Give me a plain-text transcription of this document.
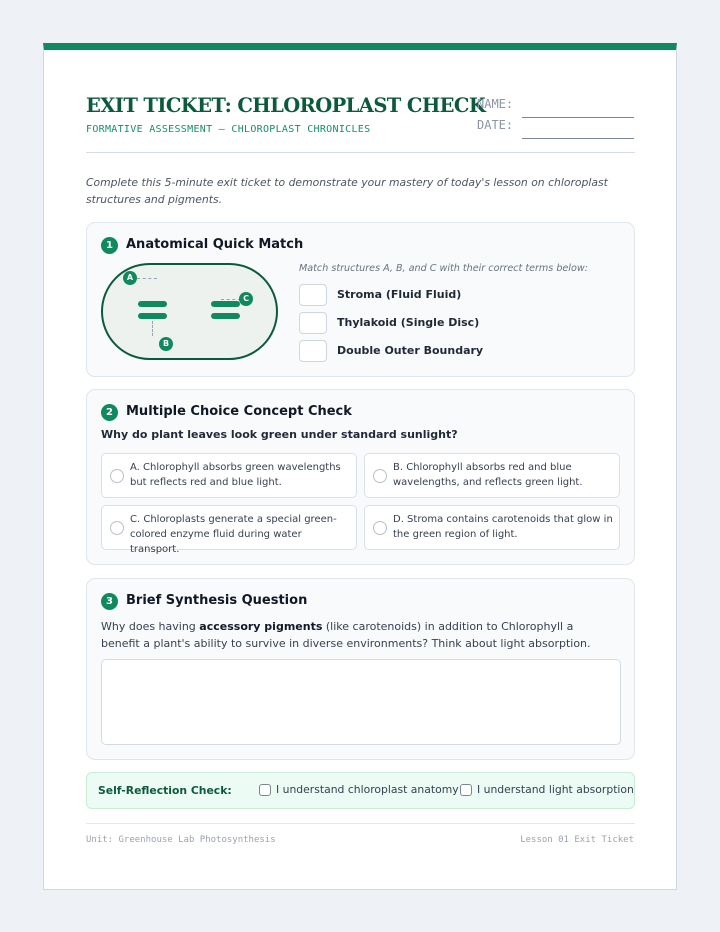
EXIT TICKET: CHLOROPLAST CHECK
FORMATIVE ASSESSMENT — CHLOROPLAST CHRONICLES
NAME:
DATE:
Complete this 5-minute exit ticket to demonstrate your mastery of today's lesson on chloroplast structures and pigments.
1	Anatomical Quick Match
A
B
C
Match structures A, B, and C with their correct terms below:
Stroma (Fluid Fluid)
Thylakoid (Single Disc)
Double Outer Boundary
2	Multiple Choice Concept Check
Why do plant leaves look green under standard sunlight?
A. Chlorophyll absorbs green wavelengths but reflects red and blue light.
B. Chlorophyll absorbs red and blue wavelengths, and reflects green light.
C. Chloroplasts generate a special green-colored enzyme fluid during water transport.
D. Stroma contains carotenoids that glow in the green region of light.
3	Brief Synthesis Question
Why does having accessory pigments (like carotenoids) in addition to Chlorophyll a benefit a plant's ability to survive in diverse environments? Think about light absorption.
Self-Reflection Check:	I understand chloroplast anatomy I understand light absorption
Unit: Greenhouse Lab Photosynthesis	Lesson 01 Exit Ticket
